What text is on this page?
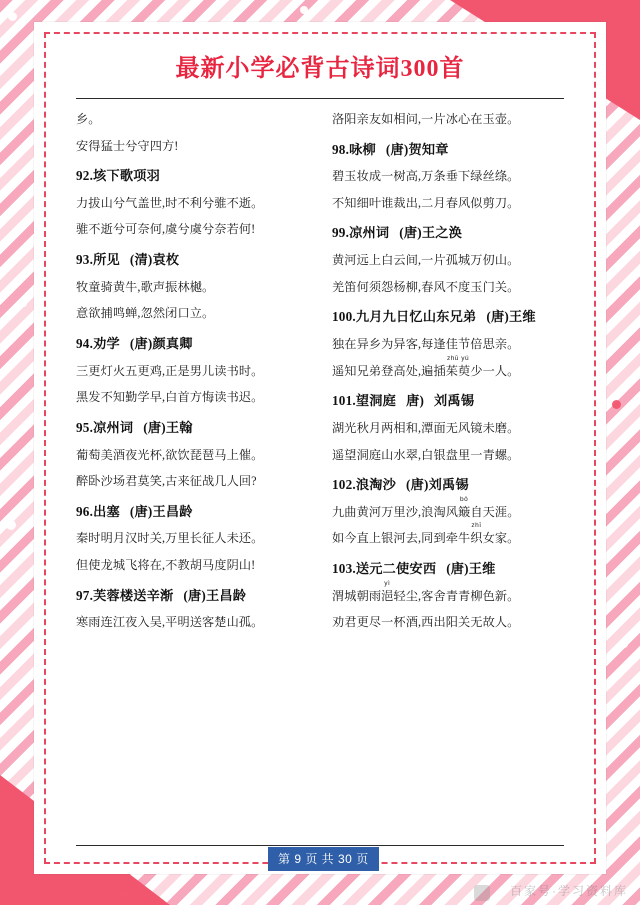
最新小学必背古诗词300首
乡。
安得猛士兮守四方!
92.垓下歌项羽
力拔山兮气盖世,时不利兮骓不逝。
骓不逝兮可奈何,虞兮虞兮奈若何!
93.所见 (清)袁枚
牧童骑黄牛,歌声振林樾。
意欲捕鸣蝉,忽然闭口立。
94.劝学 (唐)颜真卿
三更灯火五更鸡,正是男儿读书时。
黑发不知勤学早,白首方悔读书迟。
95.凉州词 (唐)王翰
葡萄美酒夜光杯,欲饮琵琶马上催。
醉卧沙场君莫笑,古来征战几人回?
96.出塞 (唐)王昌龄
秦时明月汉时关,万里长征人未还。
但使龙城飞将在,不教胡马度阴山!
97.芙蓉楼送辛渐 (唐)王昌龄
寒雨连江夜入吴,平明送客楚山孤。
洛阳亲友如相问,一片冰心在玉壶。
98.咏柳 (唐)贺知章
碧玉妆成一树高,万条垂下绿丝绦。
不知细叶谁裁出,二月春风似剪刀。
99.凉州词 (唐)王之涣
黄河远上白云间,一片孤城万仞山。
羌笛何须怨杨柳,春风不度玉门关。
100.九月九日忆山东兄弟 (唐)王维
独在异乡为异客,每逢佳节倍思亲。
遥知兄弟登高处,遍插
zhū yú
茱萸少一人。
101.望洞庭 唐) 刘禹锡
湖光秋月两相和,潭面无风镜未磨。
遥望洞庭山水翠,白银盘里一青螺。
102.浪淘沙 (唐)刘禹锡
九曲黄河万里沙,浪淘风
bǒ
簸自天涯。
如今直上银河去,同到牵牛
zhī
织女家。
103.送元二使安西 (唐)王维
渭城朝雨
yì
浥轻尘,客舍青青柳色新。
劝君更尽一杯酒,西出阳关无故人。
第 9 页 共 30 页
百家号·学习资料库
